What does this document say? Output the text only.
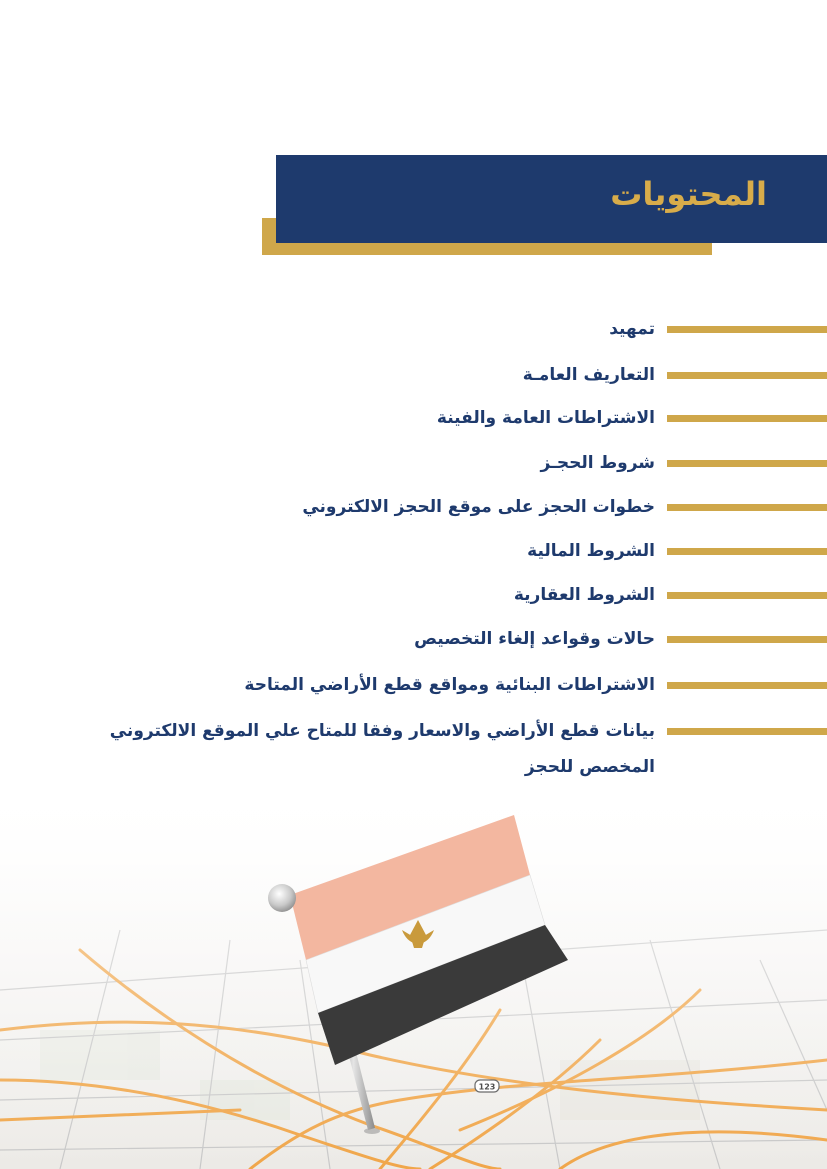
المحتويات
تمهيد
التعاريف العامـة
الاشتراطات العامة والفينة
شروط الحجـز
خطوات الحجز على موقع الحجز الالكتروني
الشروط المالية
الشروط العقارية
حالات وقواعد إلغاء التخصيص
الاشتراطات البنائية ومواقع قطع الأراضي المتاحة
بيانات قطع الأراضي والاسعار وفقا للمتاح علي الموقع الالكتروني المخصص للحجز
